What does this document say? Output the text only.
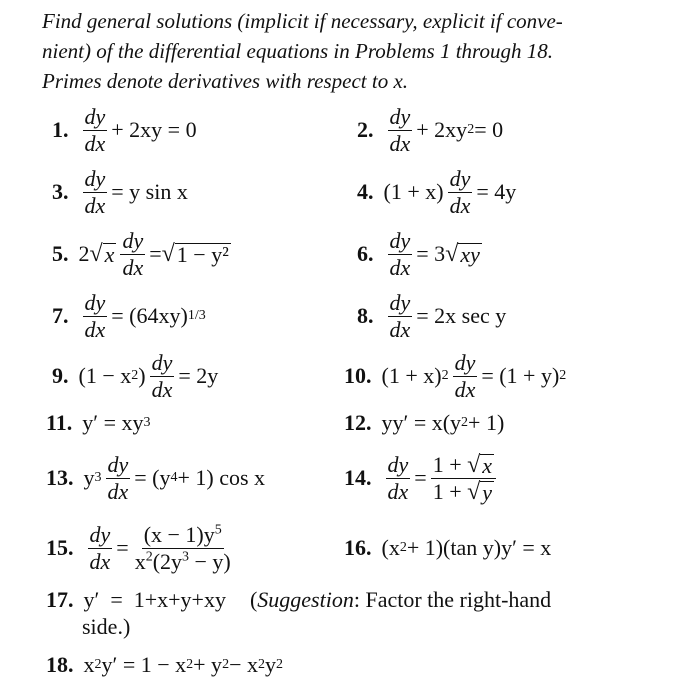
Find general solutions (implicit if necessary, explicit if conve-
nient) of the differential equations in Problems 1 through 18.
Primes denote derivatives with respect to x.
1. $\frac{dy}{dx} + 2xy = 0$	2. $\frac{dy}{dx} + 2xy$ 2 = 0
3. $\frac{dy}{dx} = y$ sin x	4. $(1 + x) \frac{dy}{dx} = 4y$
5. 2 √ x $\frac{dy}{dx}$ = √ 1 − y²	6. $\frac{dy}{dx} = 3$ √ xy
7. $\frac{dy}{dx} = (64xy)$ 1/3	8. $\frac{dy}{dx} = 2x$ sec y
9. (1 − x 2 ) $\frac{dy}{dx} = 2y$	10. (1 + x) $2 \frac{dy}{dx} = (1 + y)$ 2
11. y′ = xy 3	12. yy′ = x(y 2 + 1)
13. y $3 \frac{dy}{dx} = (y$ 4 + 1) cos x	14. $\frac{dy}{dx} = \frac{1 + √ x}{1 + √ y}$
15. $\frac{dy}{dx} = \frac{(x - 1)y^5}{x^2(2y^3 - y)}$	16. (x 2 + 1)(tan y)y′ = x
17. y′  =  1+x+y+xy ( Suggestion : Factor the right-hand
side.)
18. x 2 y′ = 1 − x 2 + y 2 − x 2 y 2
